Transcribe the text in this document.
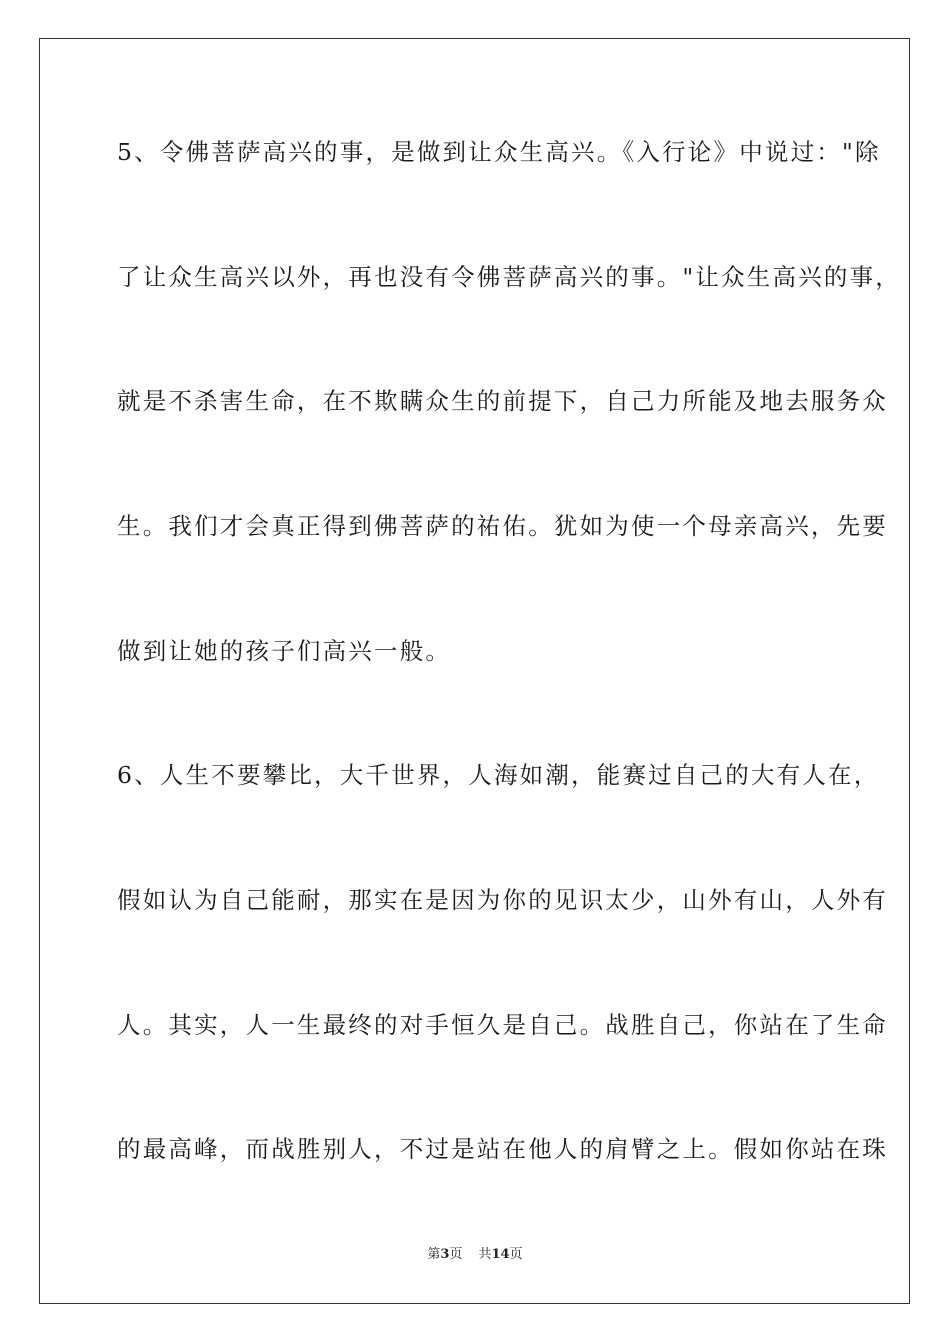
5、令佛菩萨高兴的事，是做到让众生高兴。《入行论》中说过："除
了让众生高兴以外，再也没有令佛菩萨高兴的事。"让众生高兴的事，
就是不杀害生命，在不欺瞒众生的前提下，自己力所能及地去服务众
生。我们才会真正得到佛菩萨的祐佑。犹如为使一个母亲高兴，先要
做到让她的孩子们高兴一般。
6、人生不要攀比，大千世界，人海如潮，能赛过自己的大有人在，
假如认为自己能耐，那实在是因为你的见识太少，山外有山，人外有
人。其实，人一生最终的对手恒久是自己。战胜自己，你站在了生命
的最高峰，而战胜别人，不过是站在他人的肩臂之上。假如你站在珠
第3页 共14页
